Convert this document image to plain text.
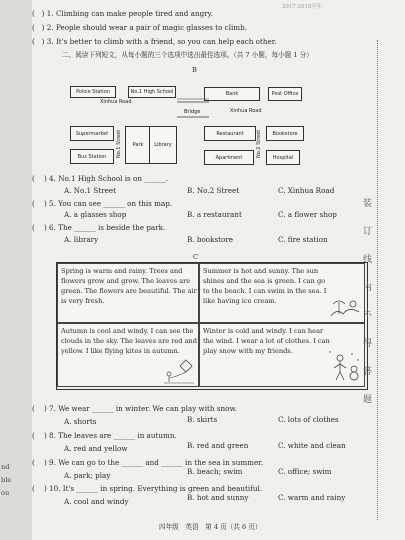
nd
ble
ou
2017-2018学年
( ) 1. Climbing can make people tired and angry.
( ) 2. People should wear a pair of magic glasses to climb.
( ) 3. It's better to climb with a friend, so you can help each other.
二、阅读下列短文，从每小题的三个选项中选出最佳选项。（共 7 小题，每小题 1 分）
B
Police Station	No.1 High School	Bank	Post Office
Xinhua Road
Bridge	Xinhua Road
Supermarket
Bus Station	No.1 Street	Park	Library
Restaurant	No.2 Street	Bookstore
Apartment	Hospital
(    ) 4. No.1 High School is on ______.
A. No.1 Street	B. No.2 Street	C. Xinhua Road
(    ) 5. You can see ______ on this map.
A. a glasses shop	B. a restaurant	C. a flower shop
(    ) 6. The ______ is beside the park.
A. library	B. bookstore	C. fire station
C
Spring is warm and rainy. Trees and flowers grow and grow. The leaves are green. The flowers are beautiful. The air is very fresh.
Summer is hot and sunny. The sun shines and the sea is green. I can go to the beach. I can swim in the sea. I like having ice cream.
Autumn is cool and windy. I can see the clouds in the sky. The leaves are red and yellow. I like flying kites in autumn.
Winter is cold and windy. I can hear the wind. I wear a lot of clothes. I can play snow with my friends.
(    ) 7. We wear ______ in winter. We can play with snow.
A. shorts	B. skirts	C. lots of clothes
(    ) 8. The leaves are ______ in autumn.
A. red and yellow	B. red and green	C. white and clean
(    ) 9. We can go to the ______ and ______ in the sea in summer.
A. park; play	B. beach; swim	C. office; swim
(    ) 10. It's ______ in spring. Everything is green and beautiful.
A. cool and windy	B. hot and sunny	C. warm and rainy
四年级　英语　第 4 页（共 6 页）
装
订
线
内
不
得
答
题
